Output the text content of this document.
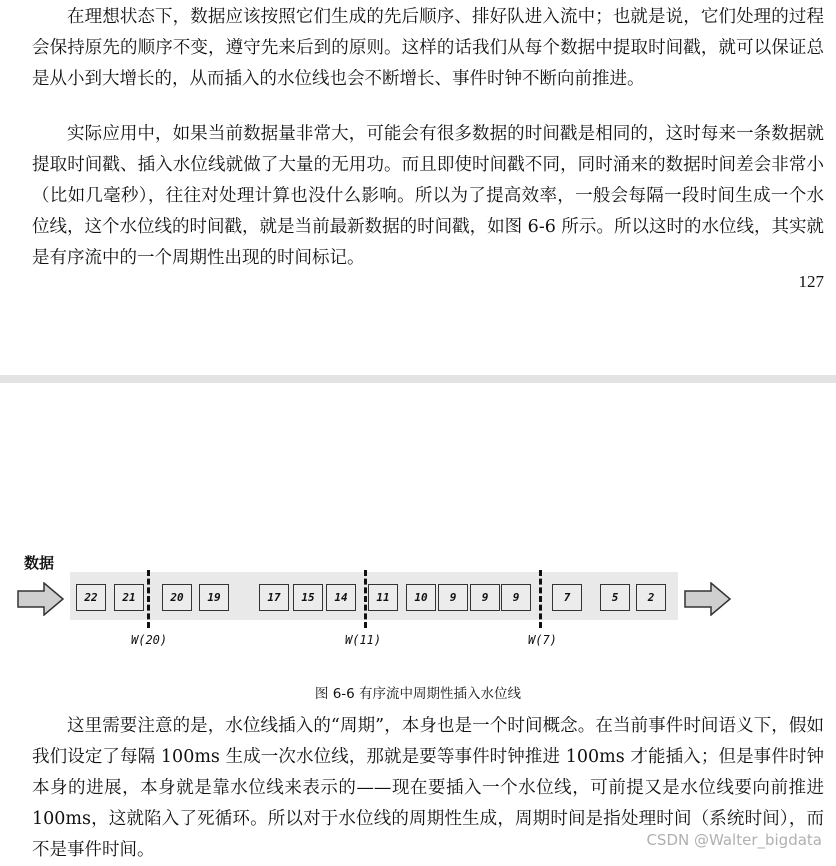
在理想状态下，数据应该按照它们生成的先后顺序、排好队进入流中；也就是说，它们处理的过程会保持原先的顺序不变，遵守先来后到的原则。这样的话我们从每个数据中提取时间戳，就可以保证总是从小到大增长的，从而插入的水位线也会不断增长、事件时钟不断向前推进。

实际应用中，如果当前数据量非常大，可能会有很多数据的时间戳是相同的，这时每来一条数据就提取时间戳、插入水位线就做了大量的无用功。而且即使时间戳不同，同时涌来的数据时间差会非常小（比如几毫秒），往往对处理计算也没什么影响。所以为了提高效率，一般会每隔一段时间生成一个水位线，这个水位线的时间戳，就是当前最新数据的时间戳，如图 6-6 所示。所以这时的水位线，其实就是有序流中的一个周期性出现的时间标记。

127
数据
22	21	20	19	17	15	14	11	10	9	9	9	7	5	2
W(20)	W(11)	W(7)
图 6-6 有序流中周期性插入水位线

这里需要注意的是，水位线插入的“周期”，本身也是一个时间概念。在当前事件时间语义下，假如我们设定了每隔 100ms 生成一次水位线，那就是要等事件时钟推进 100ms 才能插入；但是事件时钟本身的进展，本身就是靠水位线来表示的——现在要插入一个水位线，可前提又是水位线要向前推进 100ms，这就陷入了死循环。所以对于水位线的周期性生成，周期时间是指处理时间（系统时间），而不是事件时间。	CSDN @Walter_bigdata
